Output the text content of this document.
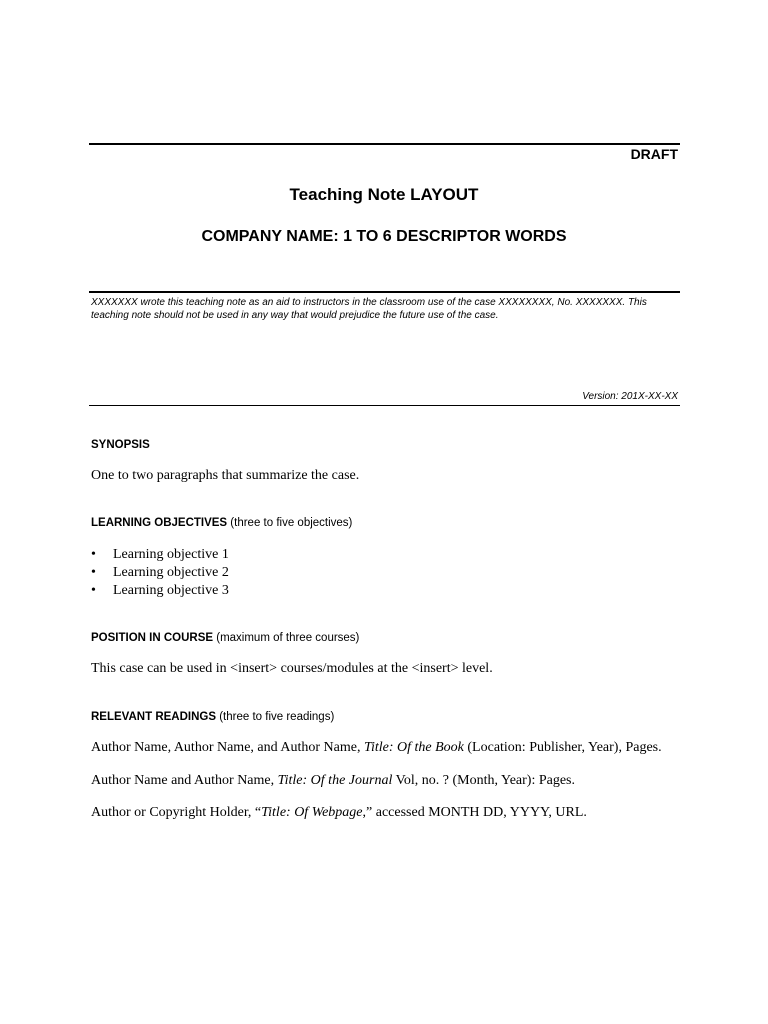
DRAFT
Teaching Note LAYOUT
COMPANY NAME: 1 TO 6 DESCRIPTOR WORDS
XXXXXXX wrote this teaching note as an aid to instructors in the classroom use of the case XXXXXXXX, No. XXXXXXX. This teaching note should not be used in any way that would prejudice the future use of the case.
Version: 201X-XX-XX
SYNOPSIS
One to two paragraphs that summarize the case.
LEARNING OBJECTIVES (three to five objectives)
• Learning objective 1
• Learning objective 2
• Learning objective 3
POSITION IN COURSE (maximum of three courses)
This case can be used in <insert> courses/modules at the <insert> level.
RELEVANT READINGS (three to five readings)
Author Name, Author Name, and Author Name, Title: Of the Book (Location: Publisher, Year), Pages.
Author Name and Author Name, Title: Of the Journal Vol, no. ? (Month, Year): Pages.
Author or Copyright Holder, “Title: Of Webpage,” accessed MONTH DD, YYYY, URL.
